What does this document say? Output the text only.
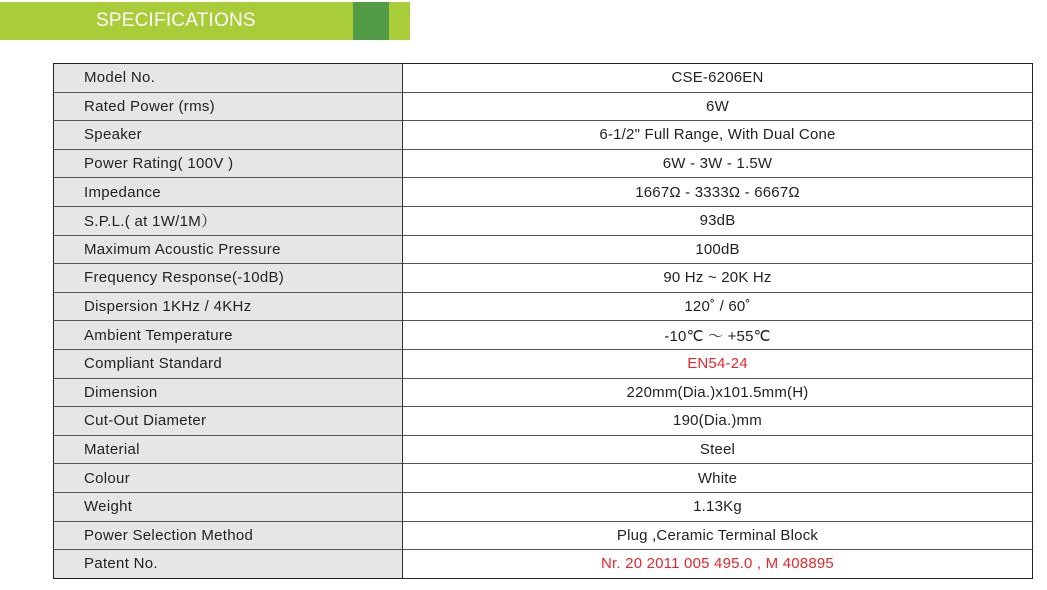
SPECIFICATIONS
Model No.	CSE-6206EN
Rated Power (rms)	6W
Speaker	6-1/2" Full Range, With Dual Cone
Power Rating( 100V )	6W - 3W - 1.5W
Impedance	1667Ω - 3333Ω - 6667Ω
S.P.L.( at 1W/1M）	93dB
Maximum Acoustic Pressure	100dB
Frequency Response(-10dB)	90 Hz ~ 20K Hz
Dispersion 1KHz / 4KHz	120˚ / 60˚
Ambient Temperature	-10℃ ～ +55℃
Compliant Standard	EN54-24
Dimension	220mm(Dia.)x101.5mm(H)
Cut-Out Diameter	190(Dia.)mm
Material	Steel
Colour	White
Weight	1.13Kg
Power Selection Method	Plug ,Ceramic Terminal Block
Patent No.	Nr. 20 2011 005 495.0 , M 408895
